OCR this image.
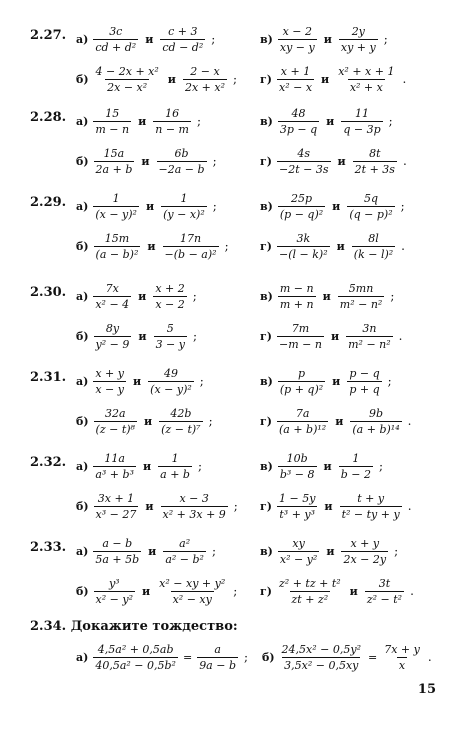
2.27. $а) \frac{3c}{\text{cd + d²}}$ и $\frac{c + 3}{\text{cd − d²}}$ ;
$б) \frac{\text{4 − 2x + x²}}{\text{2x − x²}}$ и $\frac{2 - x}{\text{2x + x²}}$ ;
$в) \frac{x - 2}{xy - y}$ и $\frac{2y}{xy + y}$ ;
$г) \frac{x + 1}{\text{x² − x}}$ и $\frac{\text{x² + x + 1}}{\text{x² + x}}$ .
2.28. $а) \frac{15}{m - n}$ и $\frac{16}{n - m}$ ;
$б) \frac{15a}{2a + b}$ и $\frac{6b}{-2a - b}$ ;
$в) \frac{48}{3p - q}$ и $\frac{11}{q - 3p}$ ;
$г) \frac{4s}{-2t - 3s}$ и $\frac{8t}{2t + 3s}$ .
2.29. $а) \frac{1}{\text{(x − y)²}}$ и $\frac{1}{\text{(y − x)²}}$ ;
$б) \frac{15m}{\text{(a − b)²}}$ и $\frac{17n}{\text{−(b − a)²}}$ ;
$в) \frac{25p}{\text{(p − q)²}}$ и $\frac{5q}{\text{(q − p)²}}$ ;
$г) \frac{3k}{\text{−(l − k)²}}$ и $\frac{8l}{\text{(k − l)²}}$ .
2.30. $а) \frac{7x}{\text{x² − 4}}$ и $\frac{x + 2}{x - 2}$ ;
$б) \frac{8y}{\text{y² − 9}}$ и $\frac{5}{3 - y}$ ;
$в) \frac{m - n}{m + n}$ и $\frac{5mn}{\text{m² − n²}}$ ;
$г) \frac{7m}{-m - n}$ и $\frac{3n}{\text{m² − n²}}$ .
2.31. $а) \frac{x + y}{x - y}$ и $\frac{49}{\text{(x − y)²}}$ ;
$б) \frac{32a}{\text{(z − t)⁸}}$ и $\frac{42b}{\text{(z − t)⁷}}$ ;
$в) \frac{p}{\text{(p + q)²}}$ и $\frac{p - q}{p + q}$ ;
$г) \frac{7a}{\text{(a + b)¹²}}$ и $\frac{9b}{\text{(a + b)¹⁴}}$ .
2.32. $а) \frac{11a}{\text{a³ + b³}}$ и $\frac{1}{a + b}$ ;
$б) \frac{3x + 1}{\text{x³ − 27}}$ и $\frac{x - 3}{\text{x² + 3x + 9}}$ ;
$в) \frac{10b}{\text{b³ − 8}}$ и $\frac{1}{b - 2}$ ;
$г) \frac{1 - 5y}{\text{t³ + y³}}$ и $\frac{t + y}{\text{t² − ty + y}}$ .
2.33. $а) \frac{a - b}{5a + 5b}$ и $\frac{\text{a²}}{\text{a² − b²}}$ ;
$б) \frac{\text{y³}}{\text{x² − y²}}$ и $\frac{\text{x² − xy + y²}}{\text{x² − xy}}$ ;
$в) \frac{xy}{\text{x² − y²}}$ и $\frac{x + y}{2x - 2y}$ ;
$г) \frac{\text{z² + tz + t²}}{\text{zt + z²}}$ и $\frac{3t}{\text{z² − t²}}$ .
2.34. Докажите тождество:
$а) \frac{\text{4,5a² + 0,5ab}}{\text{40,5a² − 0,5b²}} = \frac{a}{9a - b}$ ; $б) \frac{\text{24,5x² − 0,5y²}}{\text{3,5x² − 0,5xy}} = \frac{7x + y}{x}$ .
15
